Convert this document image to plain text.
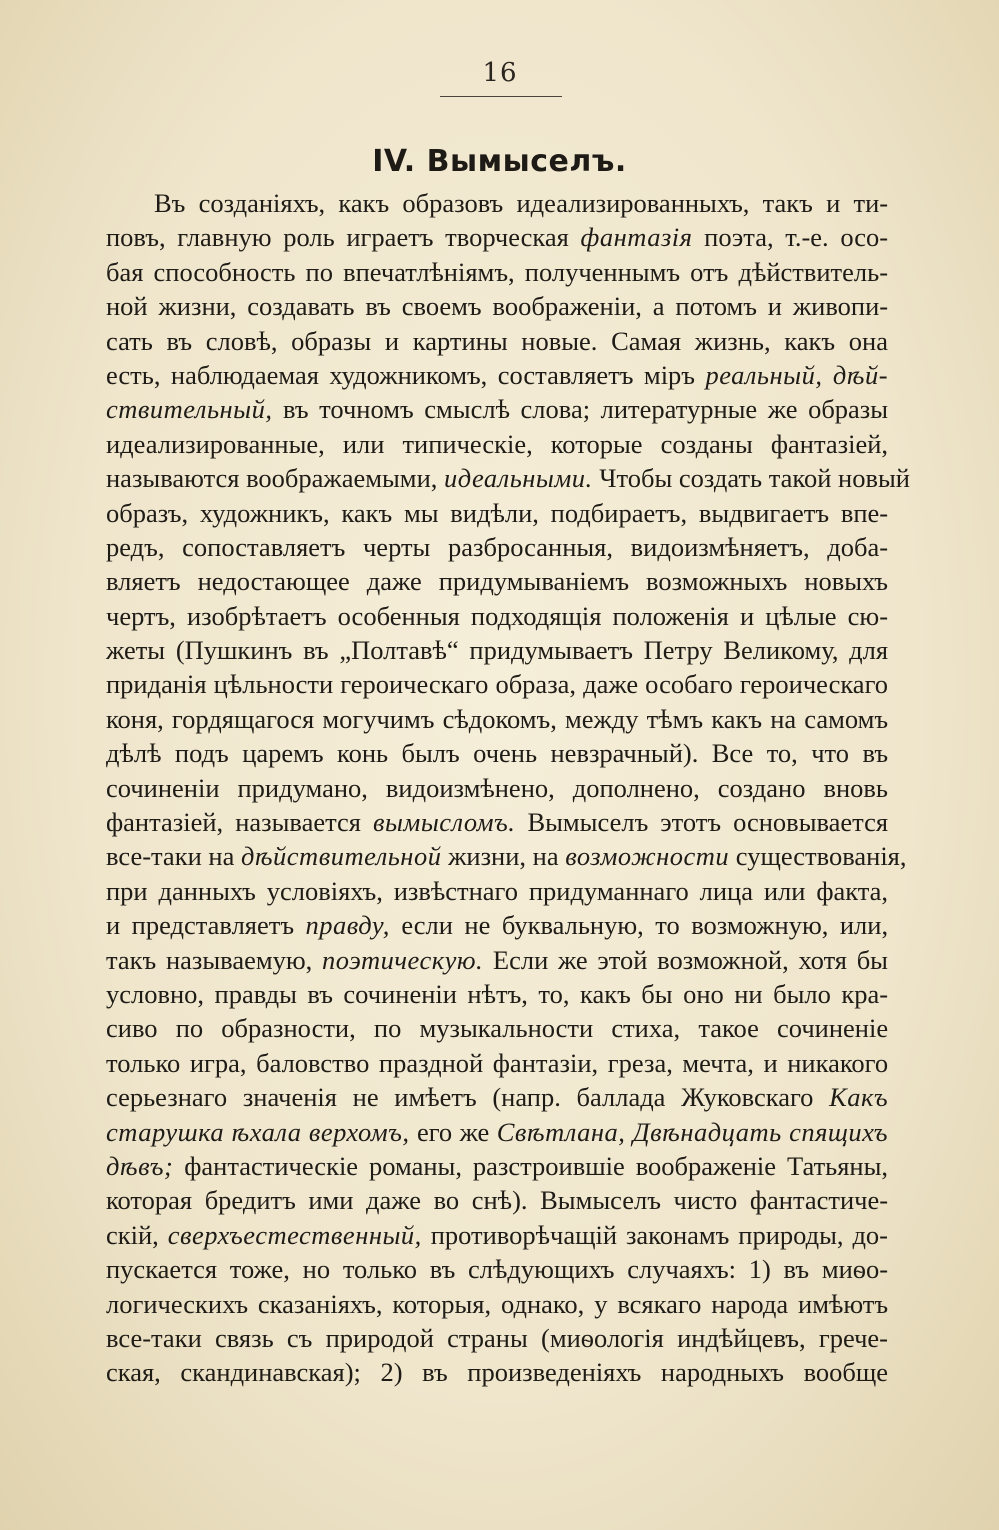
16
IV. Вымыселъ.
Въ созданіяхъ, какъ образовъ идеализированныхъ, такъ и ти-
повъ, главную роль играетъ творческая фантазія поэта, т.-е. осо-
бая способность по впечатлѣніямъ, полученнымъ отъ дѣйствитель-
ной жизни, создавать въ своемъ воображеніи, а потомъ и живопи-
сать въ словѣ, образы и картины новые. Самая жизнь, какъ она
есть, наблюдаемая художникомъ, составляетъ міръ реальный, дѣй-
ствительный, въ точномъ смыслѣ слова; литературные же образы
идеализированные, или типическіе, которые созданы фантазіей,
называются воображаемыми, идеальными. Чтобы создать такой новый
образъ, художникъ, какъ мы видѣли, подбираетъ, выдвигаетъ впе-
редъ, сопоставляетъ черты разбросанныя, видоизмѣняетъ, доба-
вляетъ недостающее даже придумываніемъ возможныхъ новыхъ
чертъ, изобрѣтаетъ особенныя подходящія положенія и цѣлые сю-
жеты (Пушкинъ въ „Полтавѣ“ придумываетъ Петру Великому, для
приданія цѣльности героическаго образа, даже особаго героическаго
коня, гордящагося могучимъ сѣдокомъ, между тѣмъ какъ на самомъ
дѣлѣ подъ царемъ конь былъ очень невзрачный). Все то, что въ
сочиненіи придумано, видоизмѣнено, дополнено, создано вновь
фантазіей, называется вымысломъ. Вымыселъ этотъ основывается
все-таки на дѣйствительной жизни, на возможности существованія,
при данныхъ условіяхъ, извѣстнаго придуманнаго лица или факта,
и представляетъ правду, если не буквальную, то возможную, или,
такъ называемую, поэтическую. Если же этой возможной, хотя бы
условно, правды въ сочиненіи нѣтъ, то, какъ бы оно ни было кра-
сиво по образности, по музыкальности стиха, такое сочиненіе
только игра, баловство праздной фантазіи, греза, мечта, и никакого
серьезнаго значенія не имѣетъ (напр. баллада Жуковскаго Какъ
старушка ѣхала верхомъ, его же Свѣтлана, Двѣнадцать спящихъ
дѣвъ; фантастическіе романы, разстроившіе воображеніе Татьяны,
которая бредитъ ими даже во снѣ). Вымыселъ чисто фантастиче-
скій, сверхъестественный, противорѣчащій законамъ природы, до-
пускается тоже, но только въ слѣдующихъ случаяхъ: 1) въ миѳо-
логическихъ сказаніяхъ, которыя, однако, у всякаго народа имѣютъ
все-таки связь съ природой страны (миѳологія индѣйцевъ, грече-
ская, скандинавская); 2) въ произведеніяхъ народныхъ вообще
